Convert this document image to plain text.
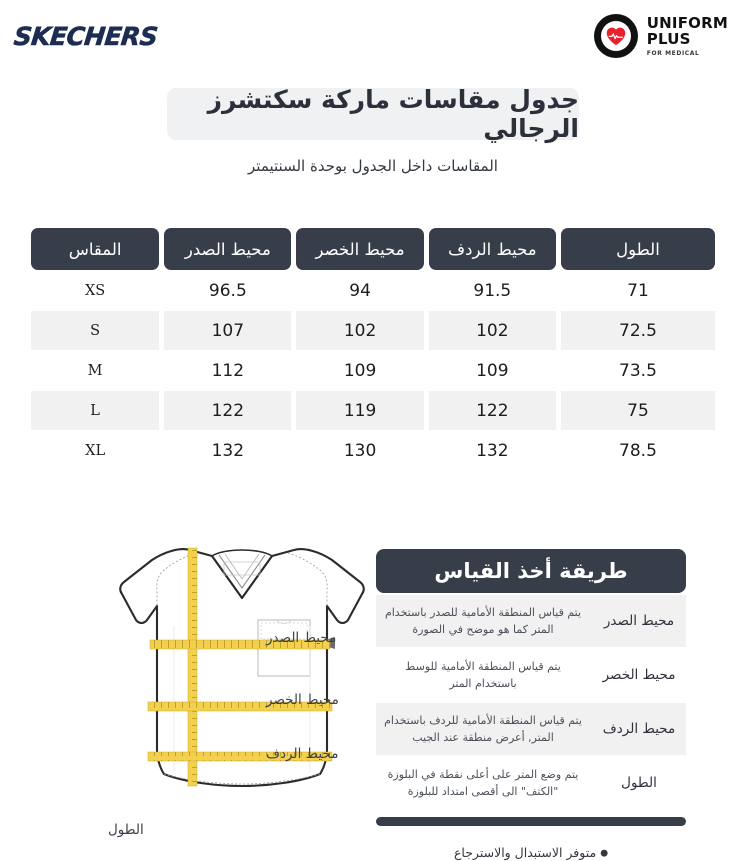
UNIFORM
PLUS
FOR MEDICAL
SKECHERS
جدول مقاسات ماركة سكتشرز الرجالي
المقاسات داخل الجدول بوحدة السنتيمتر
الطول
محيط الردف
محيط الخصر
محيط الصدر
المقاس
71
91.5
94
96.5
XS
72.5
102
102
107
S
73.5
109
109
112
M
75
122
119
122
L
78.5
132
130
132
XL
محيط الصدر
محيط الخصر
محيط الردف
الطول
طريقة أخذ القياس
محيط الصدر
يتم قياس المنطقة الأمامية للصدر باستخدام المتر كما هو موضح في الصورة
محيط الخصر
يتم قياس المنطقة الأمامية للوسط باستخدام المتر
محيط الردف
يتم قياس المنطقة الأمامية للردف باستخدام المتر, أعرض منطقة عند الجيب
الطول
يتم وضع المتر على أعلى نقطة في البلوزة "الكتف" الى أقصى امتداد للبلوزة
● متوفر الاستبدال والاسترجاع
